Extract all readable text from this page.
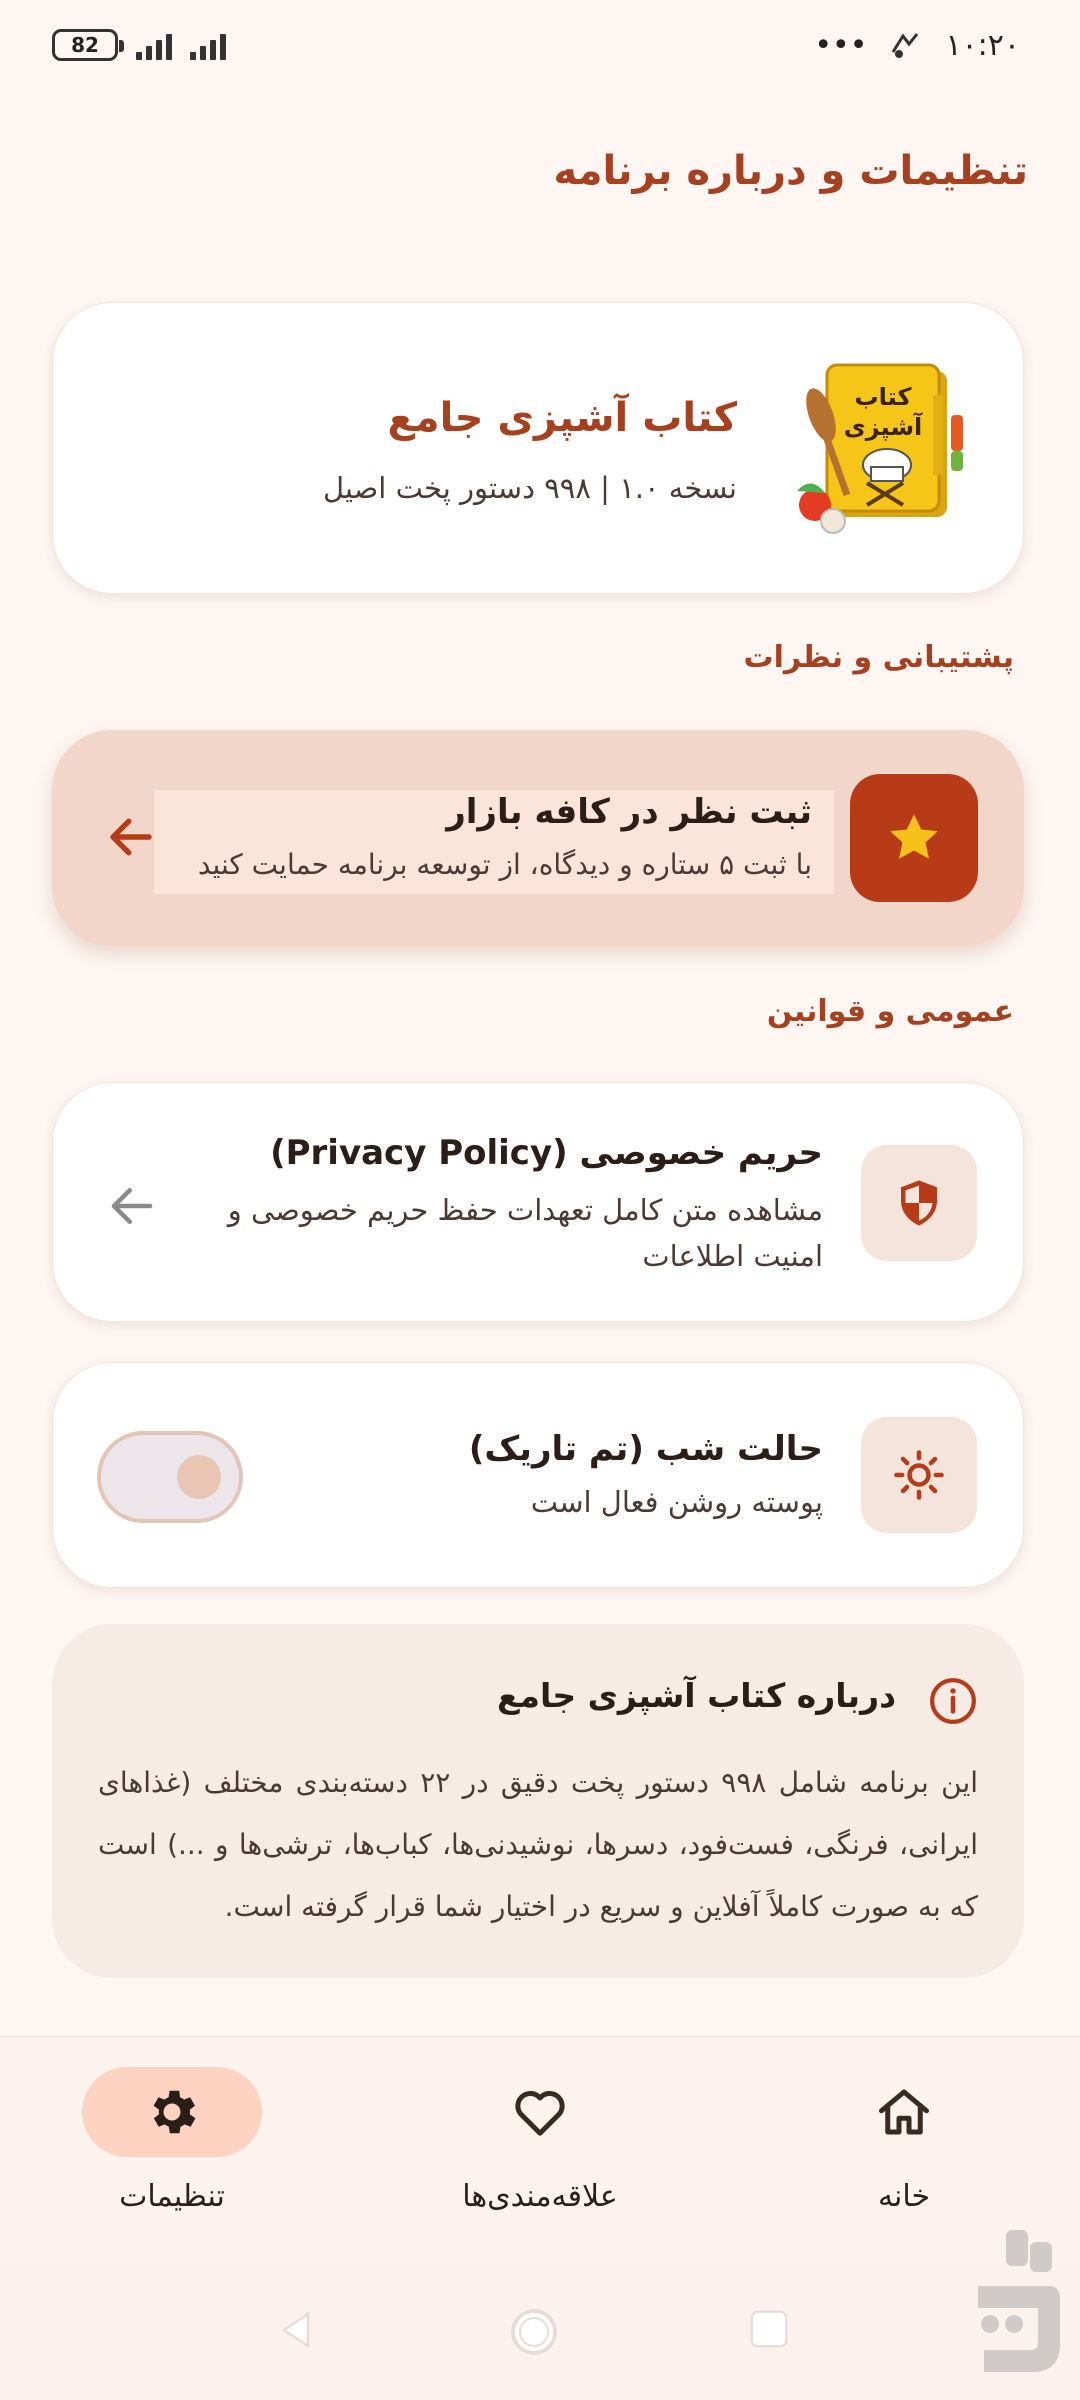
82	•••	۱۰:۲۰
تنظیمات و درباره برنامه
کتاب
آشپزی
کتاب آشپزی جامع
نسخه ۱.۰ | ۹۹۸ دستور پخت اصیل
پشتیبانی و نظرات
ثبت نظر در کافه بازار
با ثبت ۵ ستاره و دیدگاه، از توسعه برنامه حمایت کنید
عمومی و قوانین
حریم خصوصی (Privacy Policy)
مشاهده متن کامل تعهدات حفظ حریم خصوصی و امنیت اطلاعات
حالت شب (تم تاریک)
پوسته روشن فعال است
درباره کتاب آشپزی جامع
این برنامه شامل ۹۹۸ دستور پخت دقیق در ۲۲ دسته‌بندی مختلف (غذاهای ایرانی، فرنگی، فست‌فود، دسرها، نوشیدنی‌ها، کباب‌ها، ترشی‌ها و ...) است که به صورت کاملاً آفلاین و سریع در اختیار شما قرار گرفته است.
تنظیمات	علاقه‌مندی‌ها	خانه
